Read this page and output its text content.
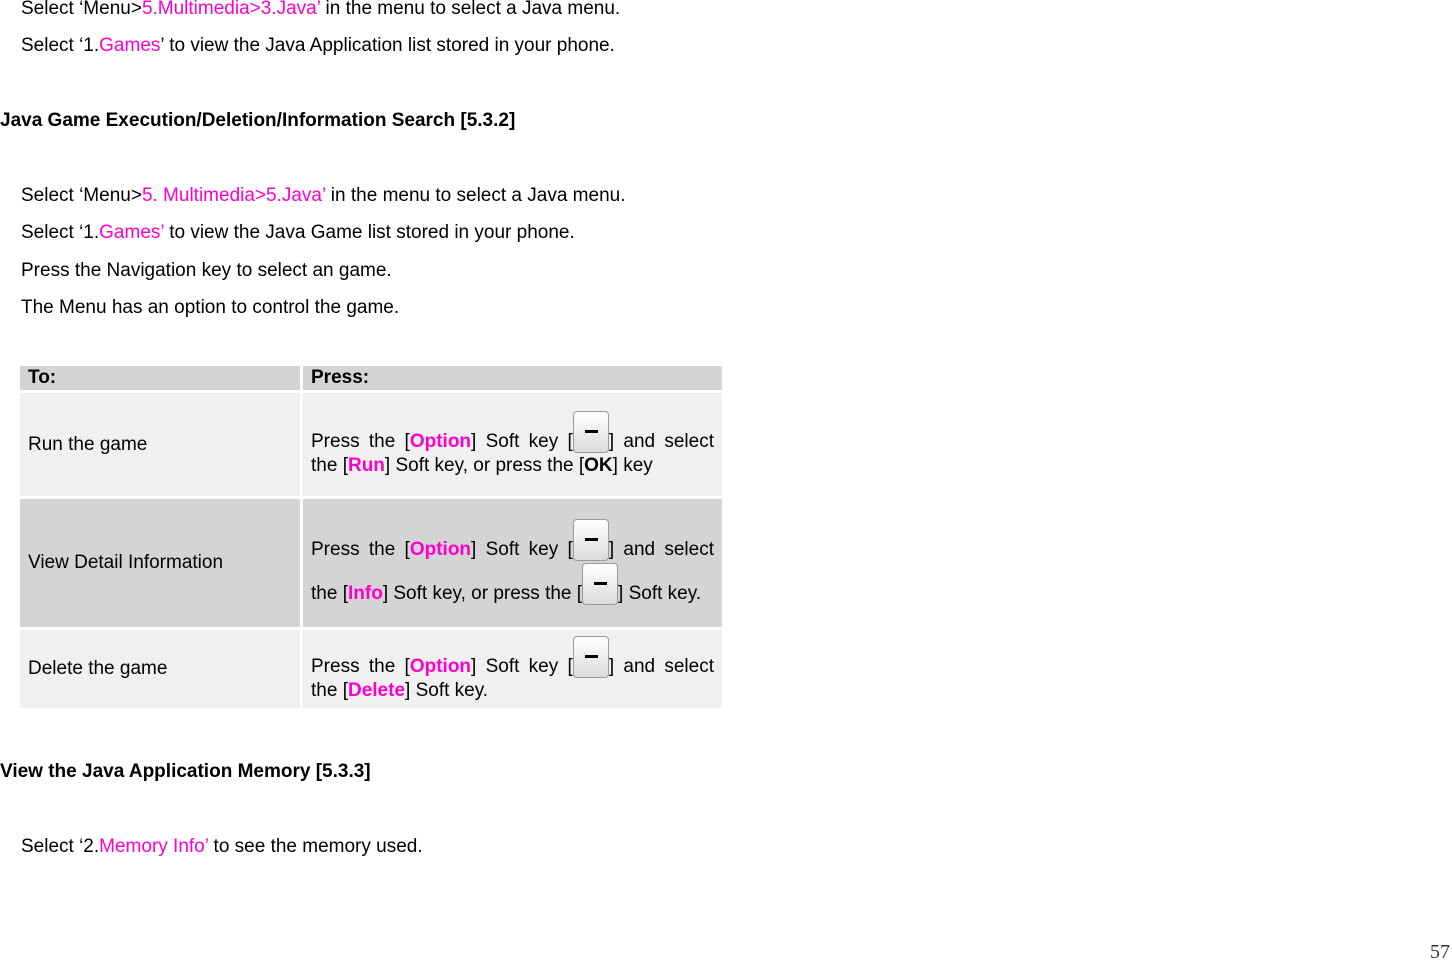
Select ‘Menu>5.Multimedia>3.Java’ in the menu to select a Java menu.
Select ‘1.Games’ to view the Java Application list stored in your phone.
Java Game Execution/Deletion/Information Search [5.3.2]
Select ‘Menu>5. Multimedia>5.Java’ in the menu to select a Java menu.
Select ‘1.Games’ to view the Java Game list stored in your phone.
Press the Navigation key to select an game.
The Menu has an option to control the game.
To:	Press:
Run the game	Press the [Option] Soft key [ ] and select the [Run] Soft key, or press the [OK] key
View Detail Information	Press the [Option] Soft key [ ] and select the [Info] Soft key, or press the [ ] Soft key.
Delete the game	Press the [Option] Soft key [ ] and select the [Delete] Soft key.
View the Java Application Memory [5.3.3]
Select ‘2.Memory Info’ to see the memory used.
57
